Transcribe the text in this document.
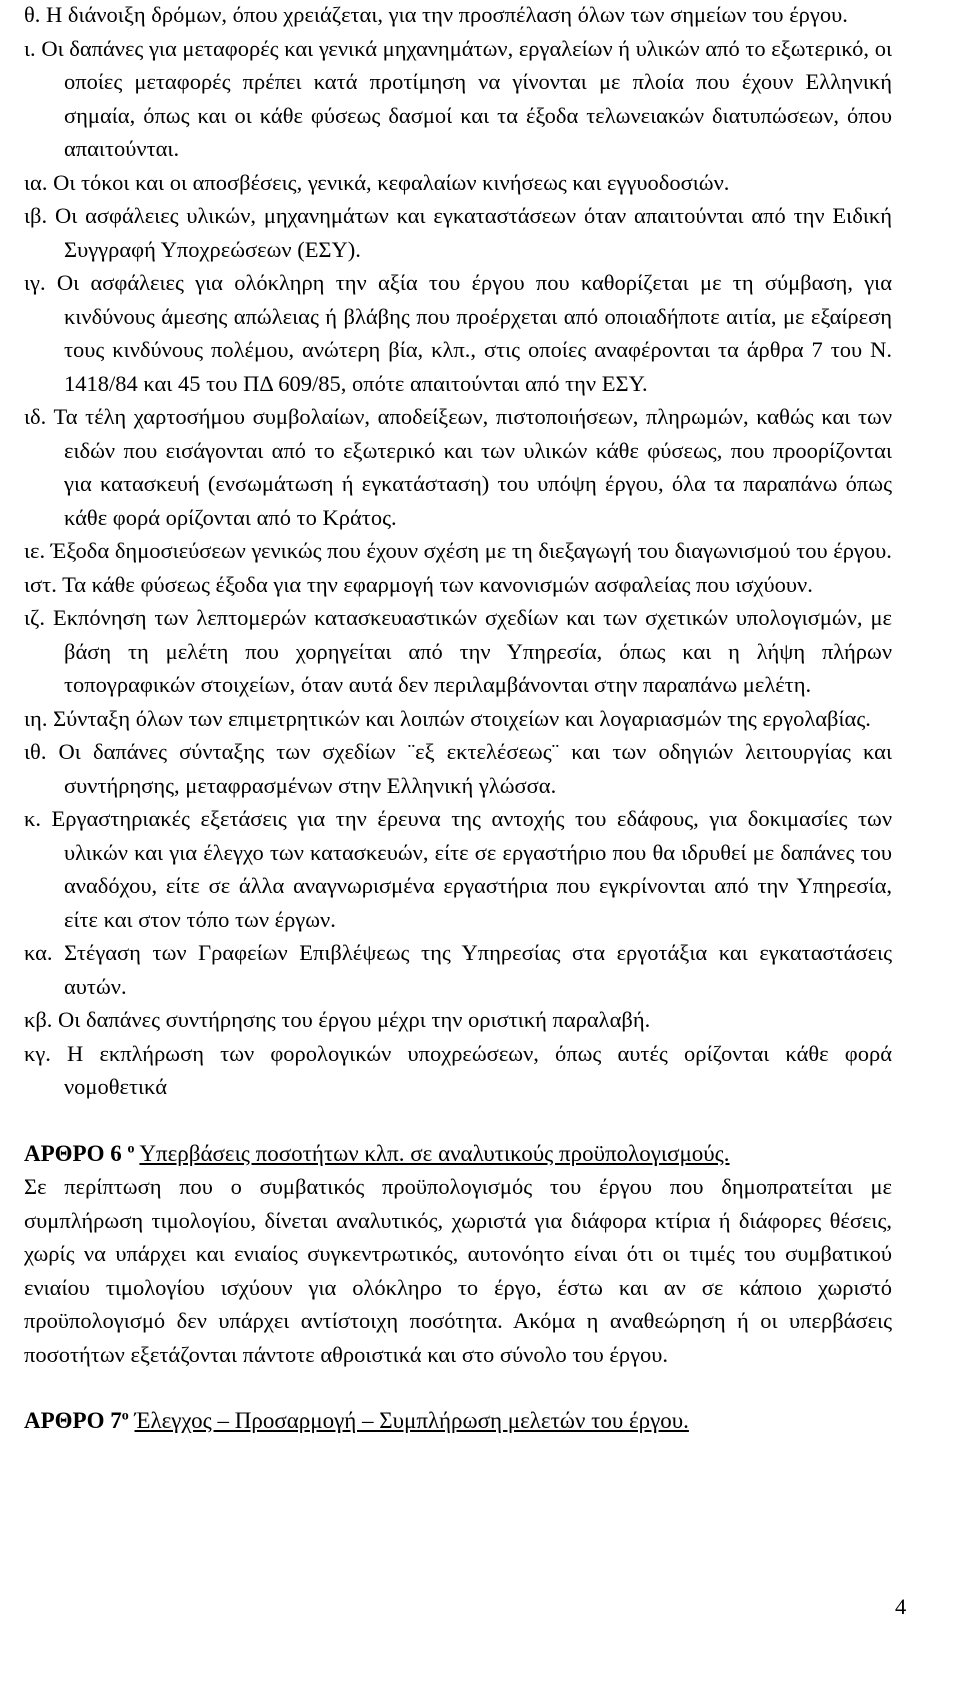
θ. Η διάνοιξη δρόμων, όπου χρειάζεται, για την προσπέλαση όλων των σημείων του έργου.
ι. Οι δαπάνες για μεταφορές και γενικά μηχανημάτων, εργαλείων ή υλικών από το εξωτερικό, οι οποίες μεταφορές πρέπει κατά προτίμηση να γίνονται με πλοία που έχουν Ελληνική σημαία, όπως και οι κάθε φύσεως δασμοί και τα έξοδα τελωνειακών διατυπώσεων, όπου απαιτούνται.
ια. Οι τόκοι και οι αποσβέσεις, γενικά, κεφαλαίων κινήσεως και εγγυοδοσιών.
ιβ. Οι ασφάλειες υλικών, μηχανημάτων και εγκαταστάσεων όταν απαιτούνται από την Ειδική Συγγραφή Υποχρεώσεων (ΕΣΥ).
ιγ. Οι ασφάλειες για ολόκληρη την αξία του έργου που καθορίζεται με τη σύμβαση, για κινδύνους άμεσης απώλειας ή βλάβης που προέρχεται από οποιαδήποτε αιτία, με εξαίρεση τους κινδύνους πολέμου, ανώτερη βία, κλπ., στις οποίες αναφέρονται τα άρθρα 7 του Ν. 1418/84 και 45 του ΠΔ 609/85, οπότε απαιτούνται από την ΕΣΥ.
ιδ. Τα τέλη χαρτοσήμου συμβολαίων, αποδείξεων, πιστοποιήσεων, πληρωμών, καθώς και των ειδών που εισάγονται από το εξωτερικό και των υλικών κάθε φύσεως, που προορίζονται για κατασκευή (ενσωμάτωση ή εγκατάσταση) του υπόψη έργου, όλα τα παραπάνω όπως κάθε φορά ορίζονται από το Κράτος.
ιε. Έξοδα δημοσιεύσεων γενικώς που έχουν σχέση με τη διεξαγωγή του διαγωνισμού του έργου.
ιστ. Τα κάθε φύσεως έξοδα για την εφαρμογή των κανονισμών ασφαλείας που ισχύουν.
ιζ. Εκπόνηση των λεπτομερών κατασκευαστικών σχεδίων και των σχετικών υπολογισμών, με βάση τη μελέτη που χορηγείται από την Υπηρεσία, όπως και η λήψη πλήρων τοπογραφικών στοιχείων, όταν αυτά δεν περιλαμβάνονται στην παραπάνω μελέτη.
ιη. Σύνταξη όλων των επιμετρητικών και λοιπών στοιχείων και λογαριασμών της εργολαβίας.
ιθ. Οι δαπάνες σύνταξης των σχεδίων ¨εξ εκτελέσεως¨ και των οδηγιών λειτουργίας και συντήρησης, μεταφρασμένων στην Ελληνική γλώσσα.
κ. Εργαστηριακές εξετάσεις για την έρευνα της αντοχής του εδάφους, για δοκιμασίες των υλικών και για έλεγχο των κατασκευών, είτε σε εργαστήριο που θα ιδρυθεί με δαπάνες του αναδόχου, είτε σε άλλα αναγνωρισμένα εργαστήρια που εγκρίνονται από την Υπηρεσία, είτε και στον τόπο των έργων.
κα. Στέγαση των Γραφείων Επιβλέψεως της Υπηρεσίας στα εργοτάξια και εγκαταστάσεις αυτών.
κβ. Οι δαπάνες συντήρησης του έργου μέχρι την οριστική παραλαβή.
κγ. Η εκπλήρωση των φορολογικών υποχρεώσεων, όπως αυτές ορίζονται κάθε φορά νομοθετικά
ΑΡΘΡΟ 6 $^o$ Υπερβάσεις ποσοτήτων κλπ. σε αναλυτικούς προϋπολογισμούς.
Σε περίπτωση που ο συμβατικός προϋπολογισμός του έργου που δημοπρατείται με συμπλήρωση τιμολογίου, δίνεται αναλυτικός, χωριστά για διάφορα κτίρια ή διάφορες θέσεις, χωρίς να υπάρχει και ενιαίος συγκεντρωτικός, αυτονόητο είναι ότι οι τιμές του συμβατικού ενιαίου τιμολογίου ισχύουν για ολόκληρο το έργο, έστω και αν σε κάποιο χωριστό προϋπολογισμό δεν υπάρχει αντίστοιχη ποσότητα. Ακόμα η αναθεώρηση ή οι υπερβάσεις ποσοτήτων εξετάζονται πάντοτε αθροιστικά και στο σύνολο του έργου.
ΑΡΘΡΟ $7^o$ Έλεγχος – Προσαρμογή – Συμπλήρωση μελετών του έργου.
4
